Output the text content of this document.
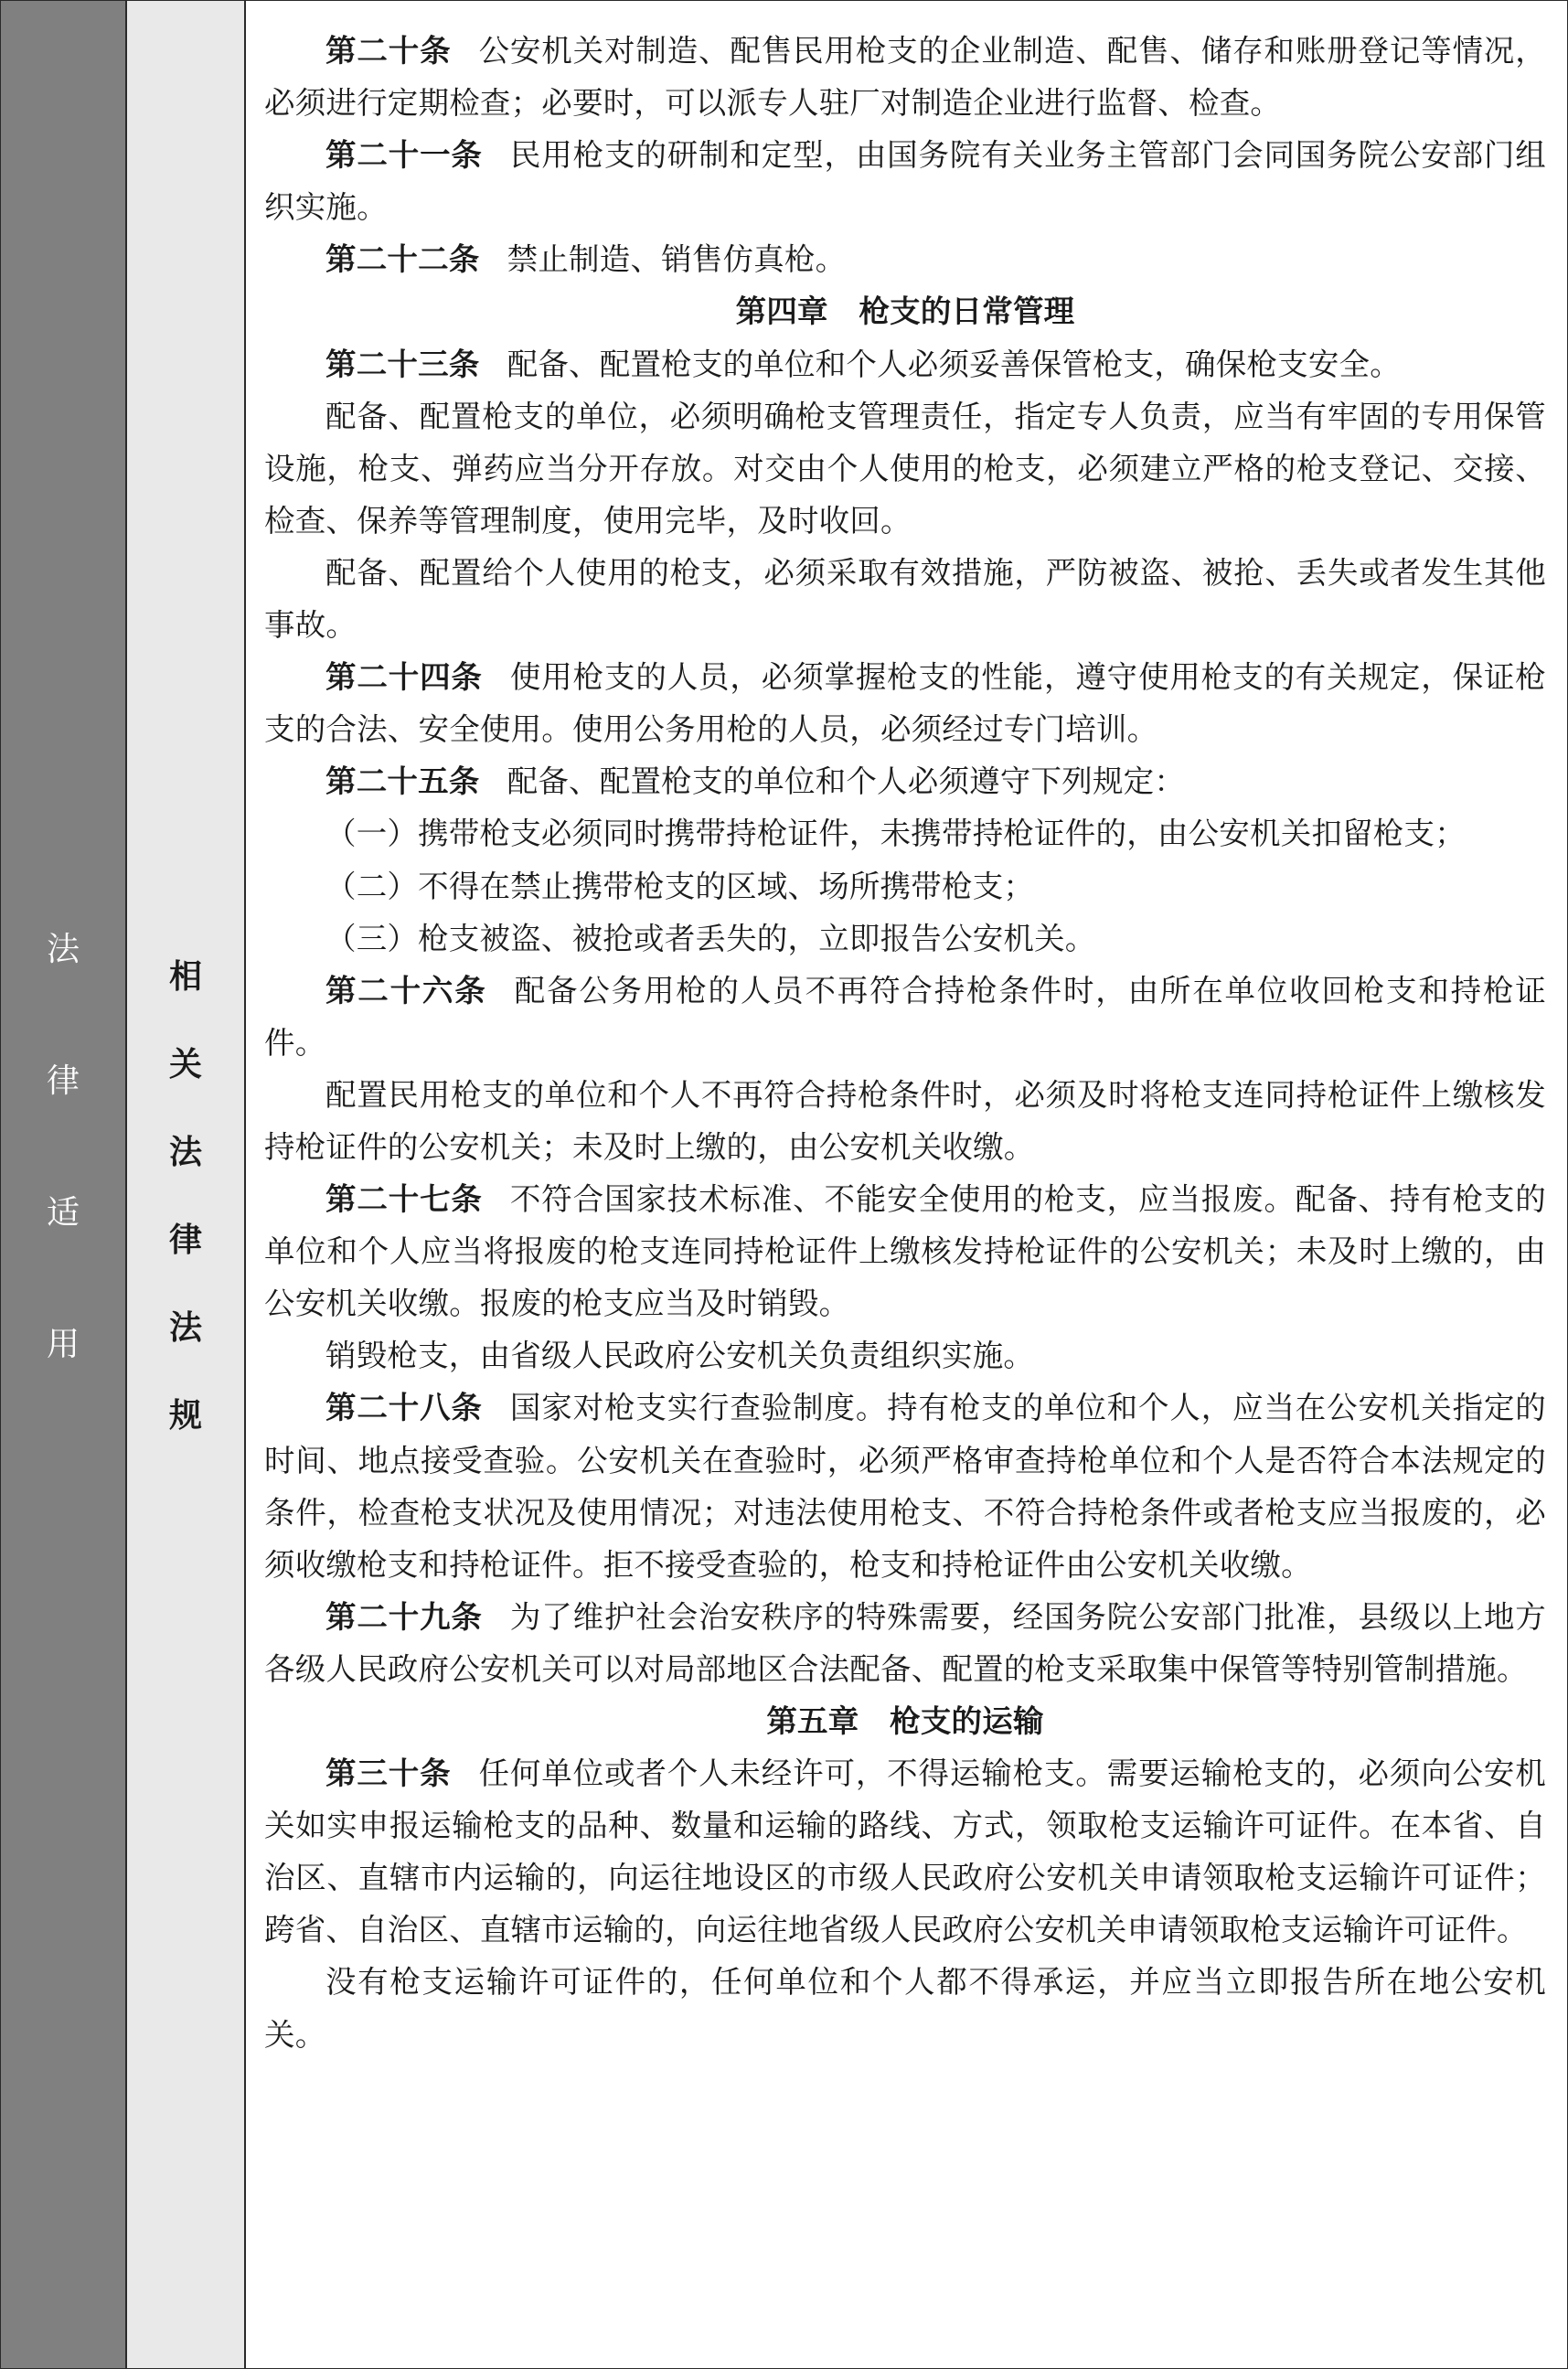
法
律
适
用
相
关
法
律
法
规

第二十条 公安机关对制造、配售民用枪支的企业制造、配售、储存和账册登记等情况，必须进行定期检查；必要时，可以派专人驻厂对制造企业进行监督、检查。

第二十一条 民用枪支的研制和定型，由国务院有关业务主管部门会同国务院公安部门组织实施。

第二十二条 禁止制造、销售仿真枪。

第四章　枪支的日常管理

第二十三条 配备、配置枪支的单位和个人必须妥善保管枪支，确保枪支安全。

配备、配置枪支的单位，必须明确枪支管理责任，指定专人负责，应当有牢固的专用保管设施，枪支、弹药应当分开存放。对交由个人使用的枪支，必须建立严格的枪支登记、交接、检查、保养等管理制度，使用完毕，及时收回。

配备、配置给个人使用的枪支，必须采取有效措施，严防被盗、被抢、丢失或者发生其他事故。

第二十四条 使用枪支的人员，必须掌握枪支的性能，遵守使用枪支的有关规定，保证枪支的合法、安全使用。使用公务用枪的人员，必须经过专门培训。

第二十五条 配备、配置枪支的单位和个人必须遵守下列规定：

（一）携带枪支必须同时携带持枪证件，未携带持枪证件的，由公安机关扣留枪支；

（二）不得在禁止携带枪支的区域、场所携带枪支；

（三）枪支被盗、被抢或者丢失的，立即报告公安机关。

第二十六条 配备公务用枪的人员不再符合持枪条件时，由所在单位收回枪支和持枪证件。

配置民用枪支的单位和个人不再符合持枪条件时，必须及时将枪支连同持枪证件上缴核发持枪证件的公安机关；未及时上缴的，由公安机关收缴。

第二十七条 不符合国家技术标准、不能安全使用的枪支，应当报废。配备、持有枪支的单位和个人应当将报废的枪支连同持枪证件上缴核发持枪证件的公安机关；未及时上缴的，由公安机关收缴。报废的枪支应当及时销毁。

销毁枪支，由省级人民政府公安机关负责组织实施。

第二十八条 国家对枪支实行查验制度。持有枪支的单位和个人，应当在公安机关指定的时间、地点接受查验。公安机关在查验时，必须严格审查持枪单位和个人是否符合本法规定的条件，检查枪支状况及使用情况；对违法使用枪支、不符合持枪条件或者枪支应当报废的，必须收缴枪支和持枪证件。拒不接受查验的，枪支和持枪证件由公安机关收缴。

第二十九条 为了维护社会治安秩序的特殊需要，经国务院公安部门批准，县级以上地方各级人民政府公安机关可以对局部地区合法配备、配置的枪支采取集中保管等特别管制措施。

第五章　枪支的运输

第三十条 任何单位或者个人未经许可，不得运输枪支。需要运输枪支的，必须向公安机关如实申报运输枪支的品种、数量和运输的路线、方式，领取枪支运输许可证件。在本省、自治区、直辖市内运输的，向运往地设区的市级人民政府公安机关申请领取枪支运输许可证件；跨省、自治区、直辖市运输的，向运往地省级人民政府公安机关申请领取枪支运输许可证件。

没有枪支运输许可证件的，任何单位和个人都不得承运，并应当立即报告所在地公安机关。
